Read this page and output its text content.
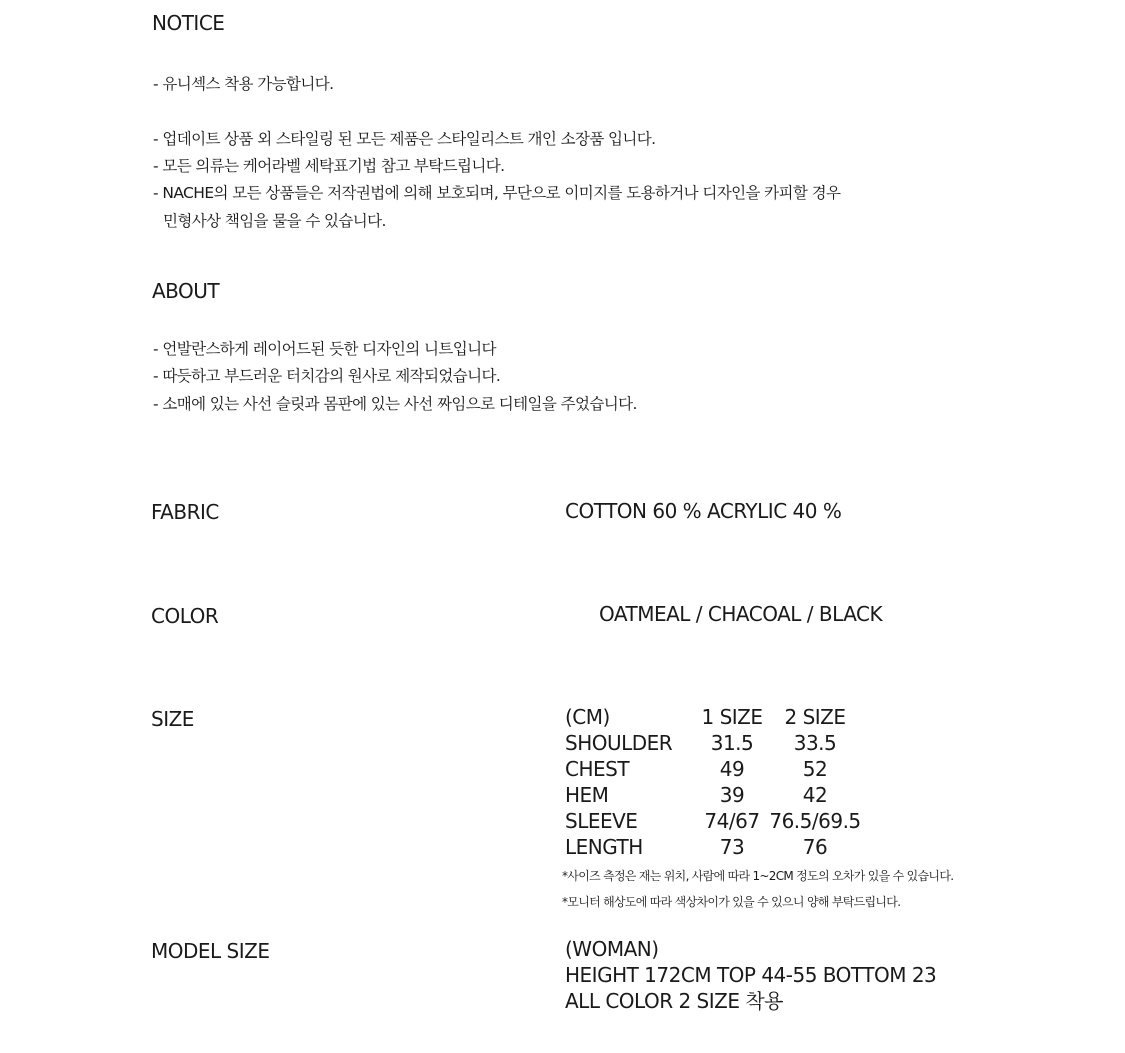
NOTICE
- 유니섹스 착용 가능합니다.
- 업데이트 상품 외 스타일링 된 모든 제품은 스타일리스트 개인 소장품 입니다.
- 모든 의류는 케어라벨 세탁표기법 참고 부탁드립니다.
- NACHE의 모든 상품들은 저작권법에 의해 보호되며, 무단으로 이미지를 도용하거나 디자인을 카피할 경우
민형사상 책임을 물을 수 있습니다.
ABOUT
- 언발란스하게 레이어드된 듯한 디자인의 니트입니다
- 따듯하고 부드러운 터치감의 원사로 제작되었습니다.
- 소매에 있는 사선 슬릿과 몸판에 있는 사선 짜임으로 디테일을 주었습니다.
FABRIC	COTTON 60 % ACRYLIC 40 %
COLOR	OATMEAL / CHACOAL / BLACK
SIZE	(CM)	1 SIZE	2 SIZE
SHOULDER	31.5	33.5
CHEST	49	52
HEM	39	42
SLEEVE	74/67 76.5/69.5
LENGTH	73	76
*사이즈 측정은 재는 위치, 사람에 따라 1~2CM 정도의 오차가 있을 수 있습니다.
*모니터 해상도에 따라 색상차이가 있을 수 있으니 양해 부탁드립니다.
MODEL SIZE	(WOMAN)
HEIGHT 172CM TOP 44-55 BOTTOM 23
ALL COLOR 2 SIZE 착용
